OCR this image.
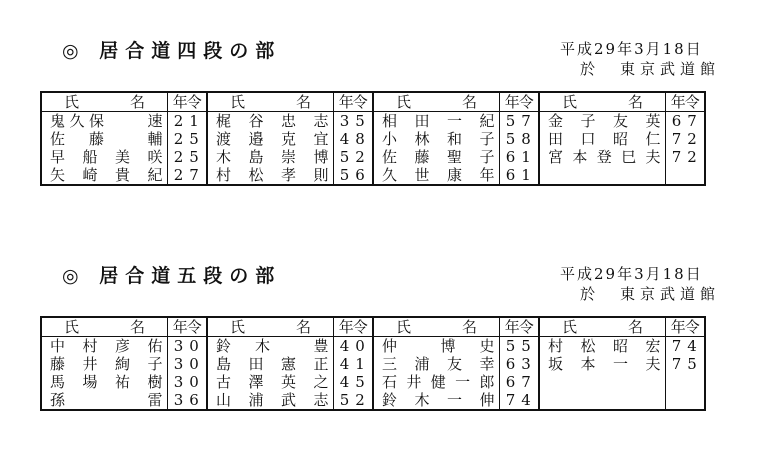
◎ 居合道四段の部	平成29年3月18日
於　東京武道館
氏 名	年令	氏 名	年令	氏 名	年令	氏 名	年令
鬼久保　　速	21	梶谷忠志	35	相田一紀	57	金子友英	67
佐　藤　　輔	25	渡邉克宜	48	小林和子	58	田口昭仁	72
早船美咲	25	木島崇博	52	佐藤聖子	61	宮本登巳夫	72
矢崎貴紀	27	村松孝則	56	久世康年	61		
◎ 居合道五段の部	平成29年3月18日
於　東京武道館
氏 名	年令	氏 名	年令	氏 名	年令	氏 名	年令
中村彦佑	30	鈴　木　　豊	40	仲　　博　史	55	村松昭宏	74
藤井絢子	30	島田憲正	41	三浦友幸	63	坂本一夫	75
馬場祐樹	30	古澤英之	45	石井健一郎	67		
孫　　　　雷	36	山浦武志	52	鈴木一伸	74		
